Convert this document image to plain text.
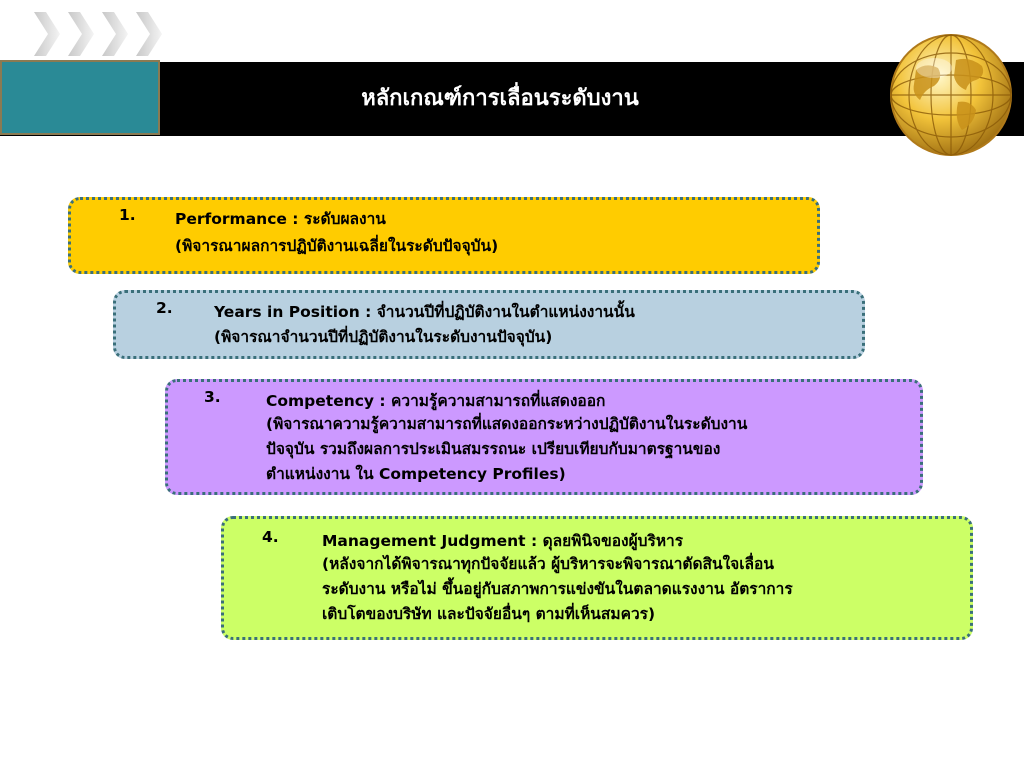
หลักเกณฑ์การเลื่อนระดับงาน
1.	Performance : ระดับผลงาน
(พิจารณาผลการปฏิบัติงานเฉลี่ยในระดับปัจจุบัน)
2.	Years in Position : จำนวนปีที่ปฏิบัติงานในตำแหน่งงานนั้น
(พิจารณาจำนวนปีที่ปฏิบัติงานในระดับงานปัจจุบัน)
3.	Competency : ความรู้ความสามารถที่แสดงออก
(พิจารณาความรู้ความสามารถที่แสดงออกระหว่างปฏิบัติงานในระดับงาน
ปัจจุบัน รวมถึงผลการประเมินสมรรถนะ เปรียบเทียบกับมาตรฐานของ
ตำแหน่งงาน ใน Competency Profiles)
4.	Management Judgment : ดุลยพินิจของผู้บริหาร
(หลังจากได้พิจารณาทุกปัจจัยแล้ว ผู้บริหารจะพิจารณาตัดสินใจเลื่อน
ระดับงาน หรือไม่ ขึ้นอยู่กับสภาพการแข่งขันในตลาดแรงงาน อัตราการ
เติบโตของบริษัท และปัจจัยอื่นๆ ตามที่เห็นสมควร)
